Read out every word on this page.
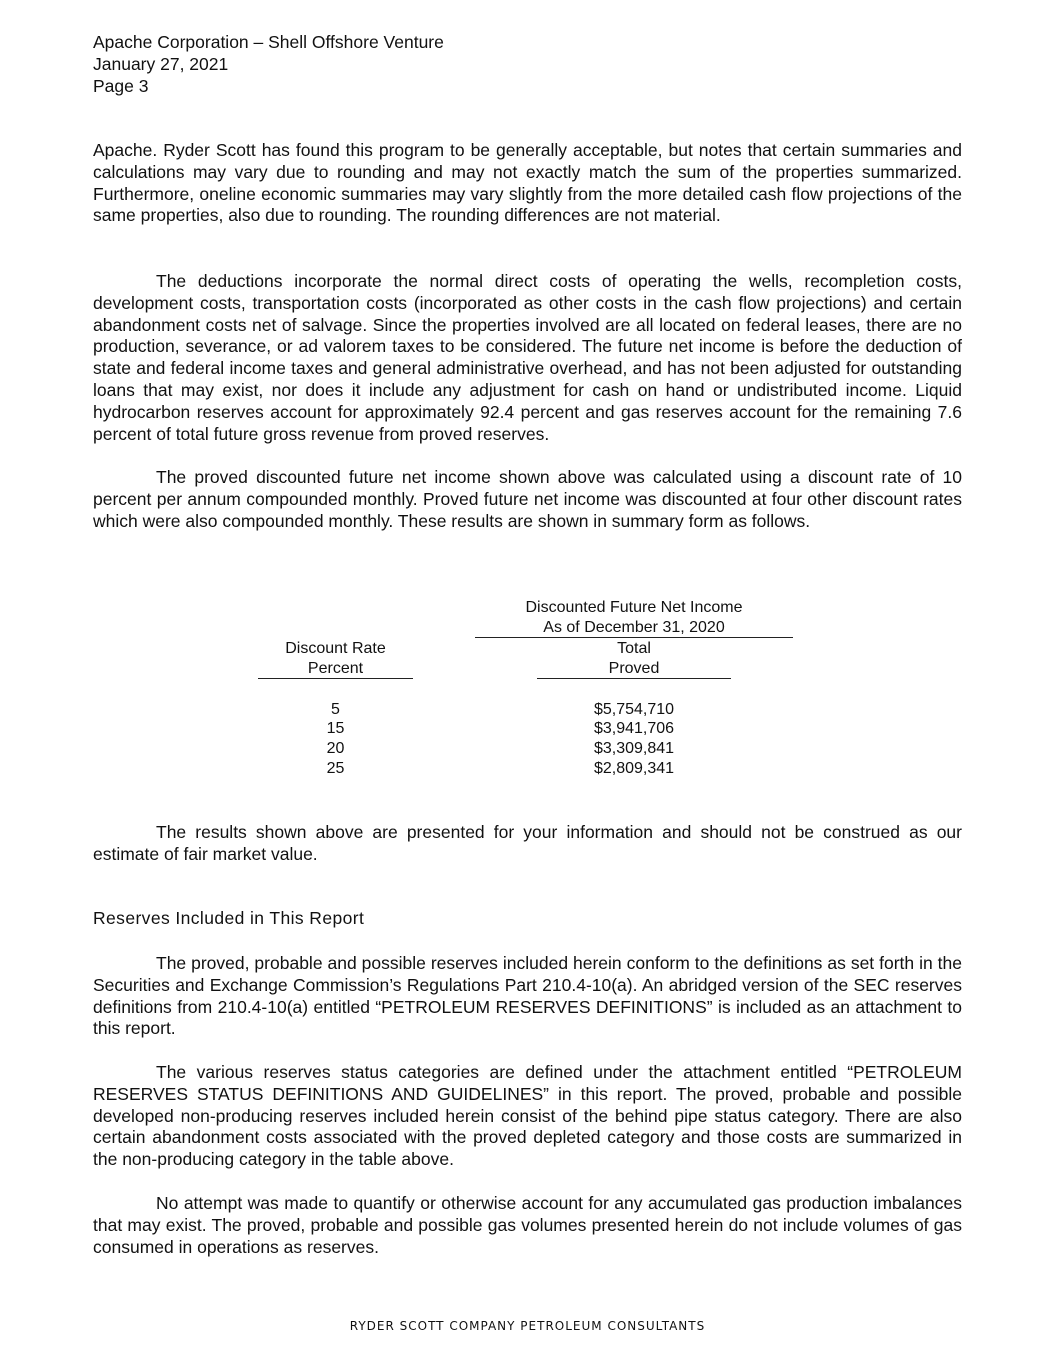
Apache Corporation – Shell Offshore Venture
January 27, 2021
Page 3

Apache. Ryder Scott has found this program to be generally acceptable, but notes that certain summaries and calculations may vary due to rounding and may not exactly match the sum of the properties summarized. Furthermore, oneline economic summaries may vary slightly from the more detailed cash flow projections of the same properties, also due to rounding. The rounding differences are not material.

The deductions incorporate the normal direct costs of operating the wells, recompletion costs, development costs, transportation costs (incorporated as other costs in the cash flow projections) and certain abandonment costs net of salvage. Since the properties involved are all located on federal leases, there are no production, severance, or ad valorem taxes to be considered. The future net income is before the deduction of state and federal income taxes and general administrative overhead, and has not been adjusted for outstanding loans that may exist, nor does it include any adjustment for cash on hand or undistributed income. Liquid hydrocarbon reserves account for approximately 92.4 percent and gas reserves account for the remaining 7.6 percent of total future gross revenue from proved reserves.

The proved discounted future net income shown above was calculated using a discount rate of 10 percent per annum compounded monthly. Proved future net income was discounted at four other discount rates which were also compounded monthly. These results are shown in summary form as follows.

Discounted Future Net Income
As of December 31, 2020
Discount Rate
Percent
Total
Proved
5	$5,754,710
15	$3,941,706
20	$3,309,841
25	$2,809,341

The results shown above are presented for your information and should not be construed as our estimate of fair market value.

Reserves Included in This Report

The proved, probable and possible reserves included herein conform to the definitions as set forth in the Securities and Exchange Commission’s Regulations Part 210.4-10(a). An abridged version of the SEC reserves definitions from 210.4-10(a) entitled “PETROLEUM RESERVES DEFINITIONS” is included as an attachment to this report.

The various reserves status categories are defined under the attachment entitled “PETROLEUM RESERVES STATUS DEFINITIONS AND GUIDELINES” in this report. The proved, probable and possible developed non-producing reserves included herein consist of the behind pipe status category. There are also certain abandonment costs associated with the proved depleted category and those costs are summarized in the non-producing category in the table above.

No attempt was made to quantify or otherwise account for any accumulated gas production imbalances that may exist. The proved, probable and possible gas volumes presented herein do not include volumes of gas consumed in operations as reserves.

RYDER SCOTT COMPANY PETROLEUM CONSULTANTS
